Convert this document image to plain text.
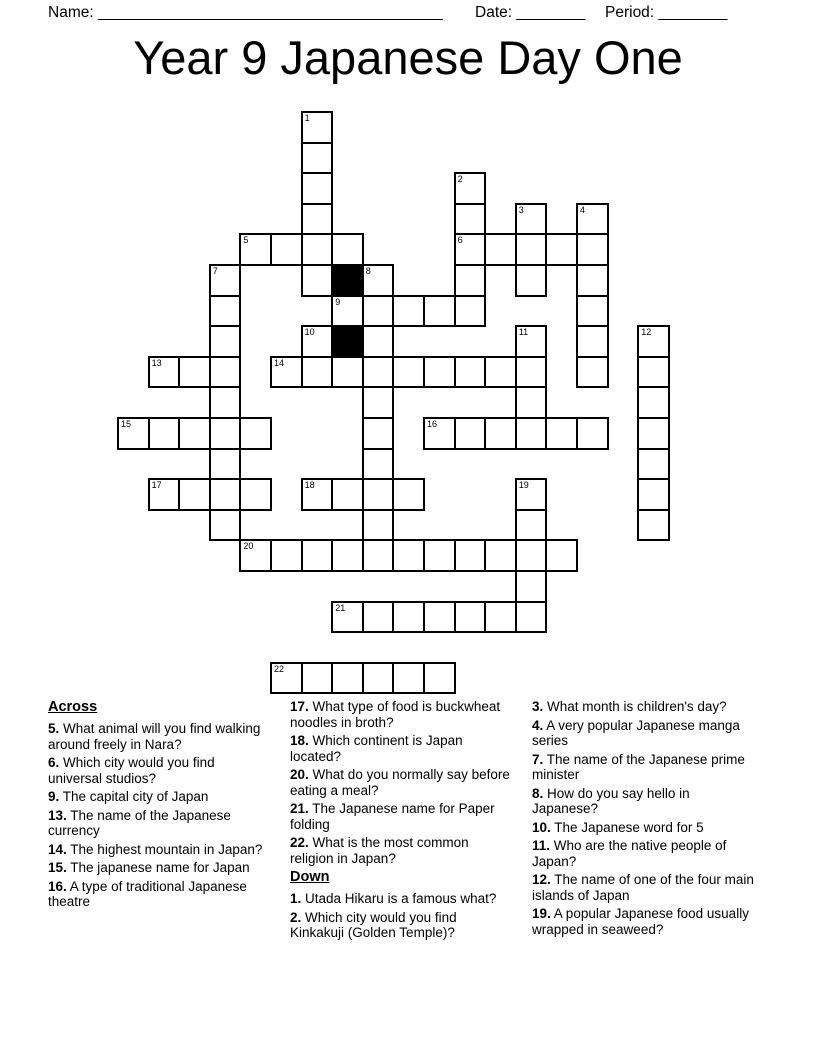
Name: ________________________________________ Date: ________ Period: ________
Year 9 Japanese Day One
1
2
6
3	4
5
7	8
9
10	11	12
13	14
15	16
17	18	19
20
21
22
Across
5. What animal will you find walking around freely in Nara?
6. Which city would you find universal studios?
9. The capital city of Japan
13. The name of the Japanese currency
14. The highest mountain in Japan?
15. The japanese name for Japan
16. A type of traditional Japanese theatre
17. What type of food is buckwheat noodles in broth?
18. Which continent is Japan located?
20. What do you normally say before eating a meal?
21. The Japanese name for Paper folding
22. What is the most common religion in Japan?
Down
1. Utada Hikaru is a famous what?
2. Which city would you find Kinkakuji (Golden Temple)?
3. What month is children's day?
4. A very popular Japanese manga series
7. The name of the Japanese prime minister
8. How do you say hello in Japanese?
10. The Japanese word for 5
11. Who are the native people of Japan?
12. The name of one of the four main islands of Japan
19. A popular Japanese food usually wrapped in seaweed?
